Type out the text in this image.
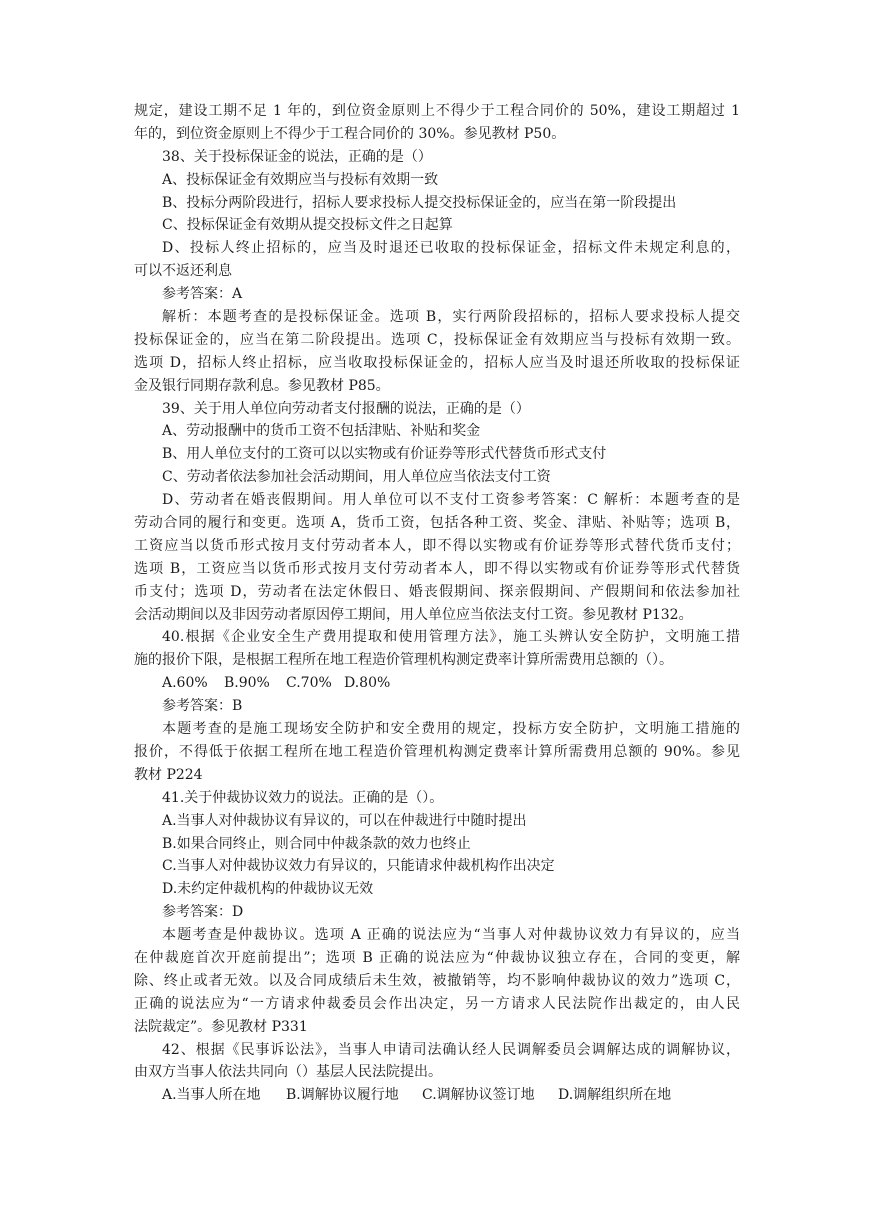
规定，建设工期不足 1 年的，到位资金原则上不得少于工程合同价的 50%，建设工期超过 1
年的，到位资金原则上不得少于工程合同价的 30%。参见教材 P50。
38、关于投标保证金的说法，正确的是（）
A、投标保证金有效期应当与投标有效期一致
B、投标分两阶段进行，招标人要求投标人提交投标保证金的，应当在第一阶段提出
C、投标保证金有效期从提交投标文件之日起算
D、投标人终止招标的，应当及时退还已收取的投标保证金，招标文件未规定利息的，
可以不返还利息
参考答案：A
解析：本题考查的是投标保证金。选项 B，实行两阶段招标的，招标人要求投标人提交
投标保证金的，应当在第二阶段提出。选项 C，投标保证金有效期应当与投标有效期一致。
选项 D，招标人终止招标，应当收取投标保证金的，招标人应当及时退还所收取的投标保证
金及银行同期存款利息。参见教材 P85。
39、关于用人单位向劳动者支付报酬的说法，正确的是（）
A、劳动报酬中的货币工资不包括津贴、补贴和奖金
B、用人单位支付的工资可以以实物或有价证券等形式代替货币形式支付
C、劳动者依法参加社会活动期间，用人单位应当依法支付工资
D、劳动者在婚丧假期间。用人单位可以不支付工资参考答案：C 解析：本题考查的是
劳动合同的履行和变更。选项 A，货币工资，包括各种工资、奖金、津贴、补贴等；选项 B，
工资应当以货币形式按月支付劳动者本人，即不得以实物或有价证券等形式替代货币支付；
选项 B，工资应当以货币形式按月支付劳动者本人，即不得以实物或有价证券等形式代替货
币支付；选项 D，劳动者在法定休假日、婚丧假期间、探亲假期间、产假期间和依法参加社
会活动期间以及非因劳动者原因停工期间，用人单位应当依法支付工资。参见教材 P132。
40.根据《企业安全生产费用提取和使用管理方法》，施工头辨认安全防护，文明施工措
施的报价下限，是根据工程所在地工程造价管理机构测定费率计算所需费用总额的（）。
A.60% B.90% C.70% D.80%
参考答案：B
本题考查的是施工现场安全防护和安全费用的规定，投标方安全防护，文明施工措施的
报价，不得低于依据工程所在地工程造价管理机构测定费率计算所需费用总额的 90%。参见
教材 P224
41.关于仲裁协议效力的说法。正确的是（）。
A.当事人对仲裁协议有异议的，可以在仲裁进行中随时提出
B.如果合同终止，则合同中仲裁条款的效力也终止
C.当事人对仲裁协议效力有异议的，只能请求仲裁机构作出决定
D.未约定仲裁机构的仲裁协议无效
参考答案：D
本题考查是仲裁协议。选项 A 正确的说法应为“当事人对仲裁协议效力有异议的，应当
在仲裁庭首次开庭前提出”；选项 B 正确的说法应为“仲裁协议独立存在，合同的变更，解
除、终止或者无效。以及合同成绩后未生效，被撤销等，均不影响仲裁协议的效力”选项 C，
正确的说法应为“一方请求仲裁委员会作出决定，另一方请求人民法院作出裁定的，由人民
法院裁定”。参见教材 P331
42、根据《民事诉讼法》，当事人申请司法确认经人民调解委员会调解达成的调解协议，
由双方当事人依法共同向（）基层人民法院提出。
A.当事人所在地 B.调解协议履行地 C.调解协议签订地 D.调解组织所在地
